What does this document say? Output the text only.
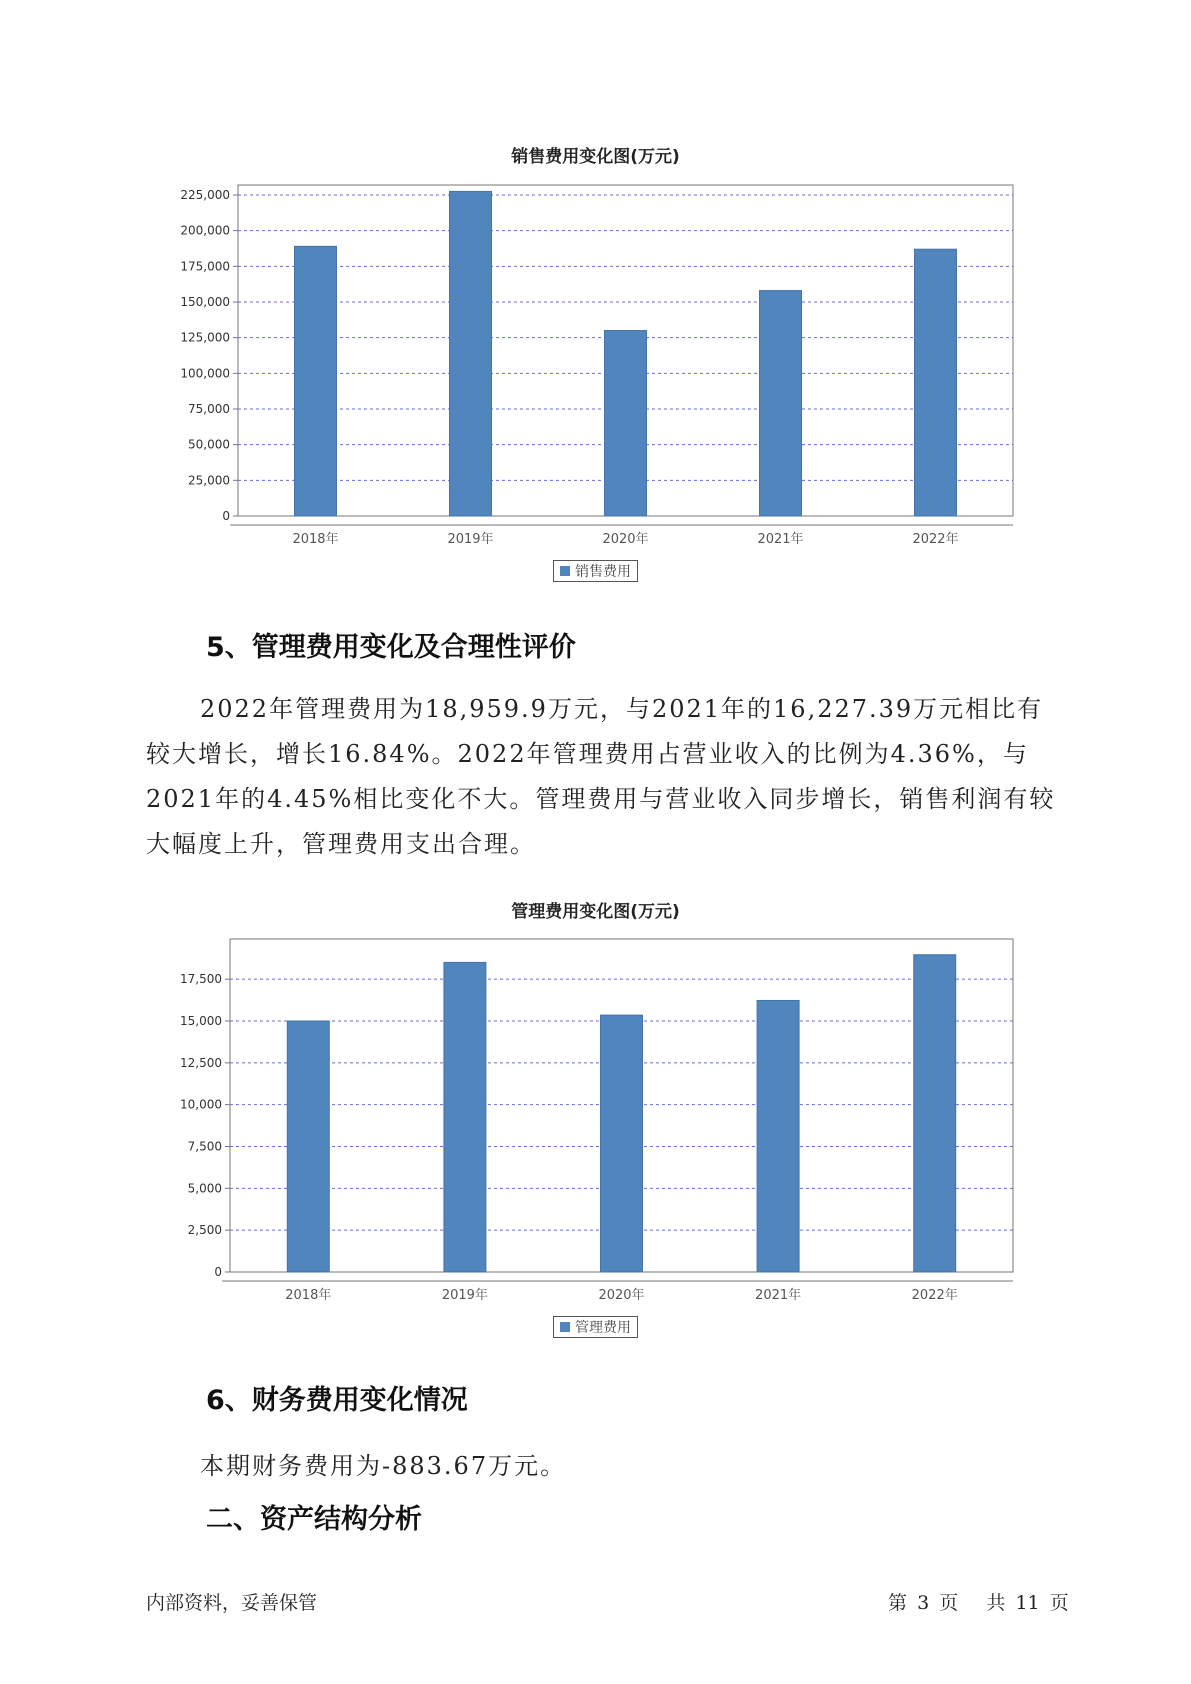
销售费用变化图(万元)
0
25,000
50,000
75,000
100,000
125,000
150,000
175,000
200,000
225,000
2018年	2019年	2020年	2021年	2022年
销售费用
5、管理费用变化及合理性评价
2022年管理费用为18,959.9万元，与2021年的16,227.39万元相比有较大增长，增长16.84%。2022年管理费用占营业收入的比例为4.36%，与2021年的4.45%相比变化不大。管理费用与营业收入同步增长，销售利润有较大幅度上升，管理费用支出合理。
管理费用变化图(万元)
0
2,500
5,000
7,500
10,000
12,500
15,000
17,500
2018年	2019年	2020年	2021年	2022年
管理费用
6、财务费用变化情况
本期财务费用为-883.67万元。
二、资产结构分析
内部资料，妥善保管	第 3 页 共 11 页
